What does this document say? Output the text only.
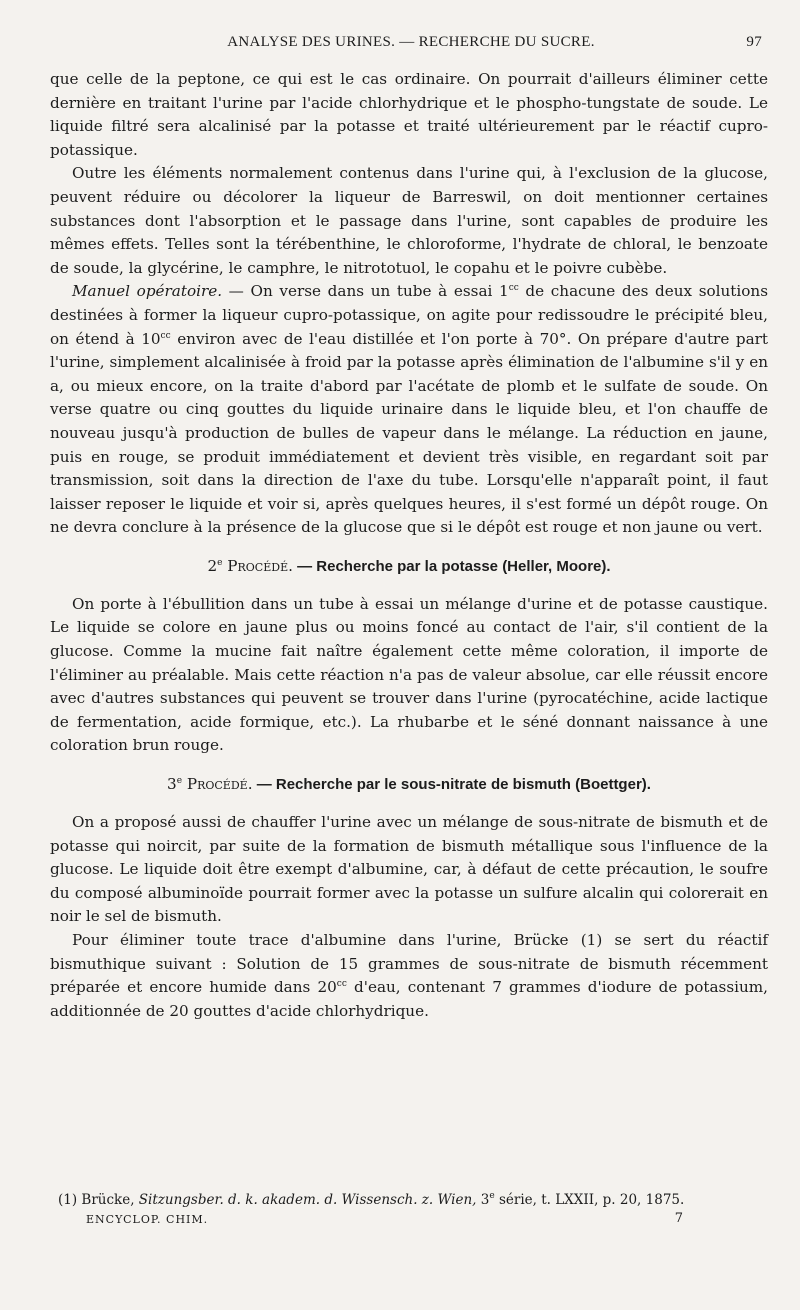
ANALYSE DES URINES. — RECHERCHE DU SUCRE.	97

que celle de la peptone, ce qui est le cas ordinaire. On pourrait d'ailleurs éliminer cette dernière en traitant l'urine par l'acide chlorhydrique et le phospho-tungstate de soude. Le liquide filtré sera alcalinisé par la potasse et traité ultérieurement par le réactif cupro-potassique.

Outre les éléments normalement contenus dans l'urine qui, à l'exclusion de la glucose, peuvent réduire ou décolorer la liqueur de Barreswil, on doit mentionner certaines substances dont l'absorption et le passage dans l'urine, sont capables de produire les mêmes effets. Telles sont la térébenthine, le chloroforme, l'hydrate de chloral, le benzoate de soude, la glycérine, le camphre, le nitrototuol, le copahu et le poivre cubèbe.

Manuel opératoire. — On verse dans un tube à essai $1^{cc}$ de chacune des deux solutions destinées à former la liqueur cupro-potassique, on agite pour redissoudre le précipité bleu, on étend à $10^{cc}$ environ avec de l'eau distillée et l'on porte à 70°. On prépare d'autre part l'urine, simplement alcalinisée à froid par la potasse après élimination de l'albumine s'il y en a, ou mieux encore, on la traite d'abord par l'acétate de plomb et le sulfate de soude. On verse quatre ou cinq gouttes du liquide urinaire dans le liquide bleu, et l'on chauffe de nouveau jusqu'à production de bulles de vapeur dans le mélange. La réduction en jaune, puis en rouge, se produit immédiatement et devient très visible, en regardant soit par transmission, soit dans la direction de l'axe du tube. Lorsqu'elle n'apparaît point, il faut laisser reposer le liquide et voir si, après quelques heures, il s'est formé un dépôt rouge. On ne devra conclure à la présence de la glucose que si le dépôt est rouge et non jaune ou vert.

2e Procédé. — Recherche par la potasse (Heller, Moore).

On porte à l'ébullition dans un tube à essai un mélange d'urine et de potasse caustique. Le liquide se colore en jaune plus ou moins foncé au contact de l'air, s'il contient de la glucose. Comme la mucine fait naître également cette même coloration, il importe de l'éliminer au préalable. Mais cette réaction n'a pas de valeur absolue, car elle réussit encore avec d'autres substances qui peuvent se trouver dans l'urine (pyrocatéchine, acide lactique de fermentation, acide formique, etc.). La rhubarbe et le séné donnant naissance à une coloration brun rouge.

3e Procédé. — Recherche par le sous-nitrate de bismuth (Boettger).

On a proposé aussi de chauffer l'urine avec un mélange de sous-nitrate de bismuth et de potasse qui noircit, par suite de la formation de bismuth métallique sous l'influence de la glucose. Le liquide doit être exempt d'albumine, car, à défaut de cette précaution, le soufre du composé albuminoïde pourrait former avec la potasse un sulfure alcalin qui colorerait en noir le sel de bismuth.

Pour éliminer toute trace d'albumine dans l'urine, Brücke (1) se sert du réactif bismuthique suivant : Solution de 15 grammes de sous-nitrate de bismuth récemment préparée et encore humide dans $20^{cc}$ d'eau, contenant 7 grammes d'iodure de potassium, additionnée de 20 gouttes d'acide chlorhydrique.

(1) Brücke, Sitzungsber. d. k. akadem. d. Wissensch. z. Wien, 3e série, t. LXXII, p. 20, 1875.
ENCYCLOP. CHIM.	7
